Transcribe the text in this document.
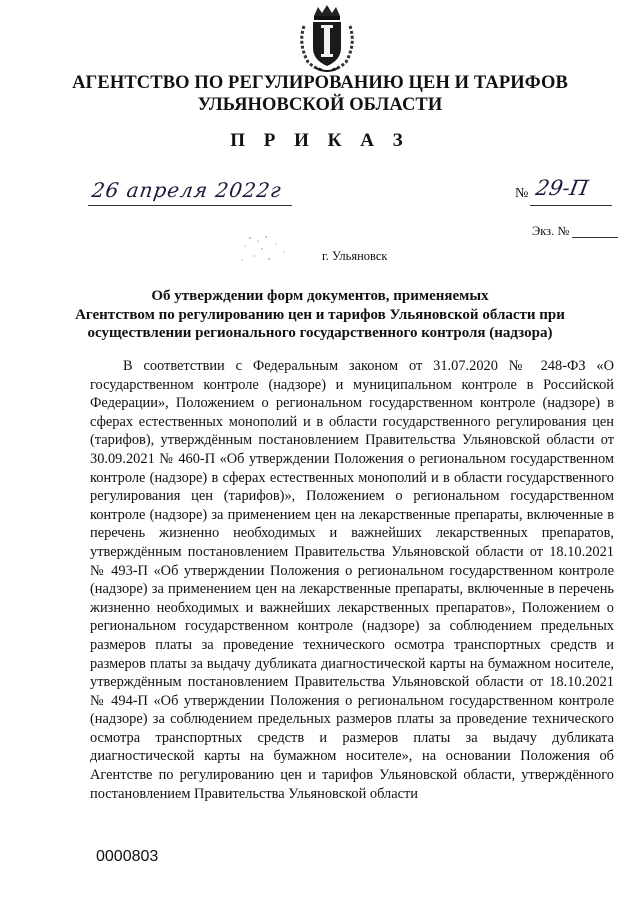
АГЕНТСТВО ПО РЕГУЛИРОВАНИЮ ЦЕН И ТАРИФОВ
УЛЬЯНОВСКОЙ ОБЛАСТИ
П Р И К А З
26 апреля 2022г	№ 29-П
Экз. №
г. Ульяновск
Об утверждении форм документов, применяемых
Агентством по регулированию цен и тарифов Ульяновской области при
осуществлении регионального государственного контроля (надзора)
В соответствии с Федеральным законом от 31.07.2020 № 248-ФЗ «О государственном контроле (надзоре) и муниципальном контроле в Российской Федерации», Положением о региональном государственном контроле (надзоре) в сферах естественных монополий и в области государственного регулирования цен (тарифов), утверждённым постановлением Правительства Ульяновской области от 30.09.2021 № 460-П «Об утверждении Положения о региональном государственном контроле (надзоре) в сферах естественных монополий и в области государственного регулирования цен (тарифов)», Положением о региональном государственном контроле (надзоре) за применением цен на лекарственные препараты, включенные в перечень жизненно необходимых и важнейших лекарственных препаратов, утверждённым постановлением Правительства Ульяновской области от 18.10.2021 № 493-П «Об утверждении Положения о региональном государственном контроле (надзоре) за применением цен на лекарственные препараты, включенные в перечень жизненно необходимых и важнейших лекарственных препаратов», Положением о региональном государственном контроле (надзоре) за соблюдением предельных размеров платы за проведение технического осмотра транспортных средств и размеров платы за выдачу дубликата диагностической карты на бумажном носителе, утверждённым постановлением Правительства Ульяновской области от 18.10.2021 № 494-П «Об утверждении Положения о региональном государственном контроле (надзоре) за соблюдением предельных размеров платы за проведение технического осмотра транспортных средств и размеров платы за выдачу дубликата диагностической карты на бумажном носителе», на основании Положения об Агентстве по регулированию цен и тарифов Ульяновской области, утверждённого постановлением Правительства Ульяновской области
0000803
